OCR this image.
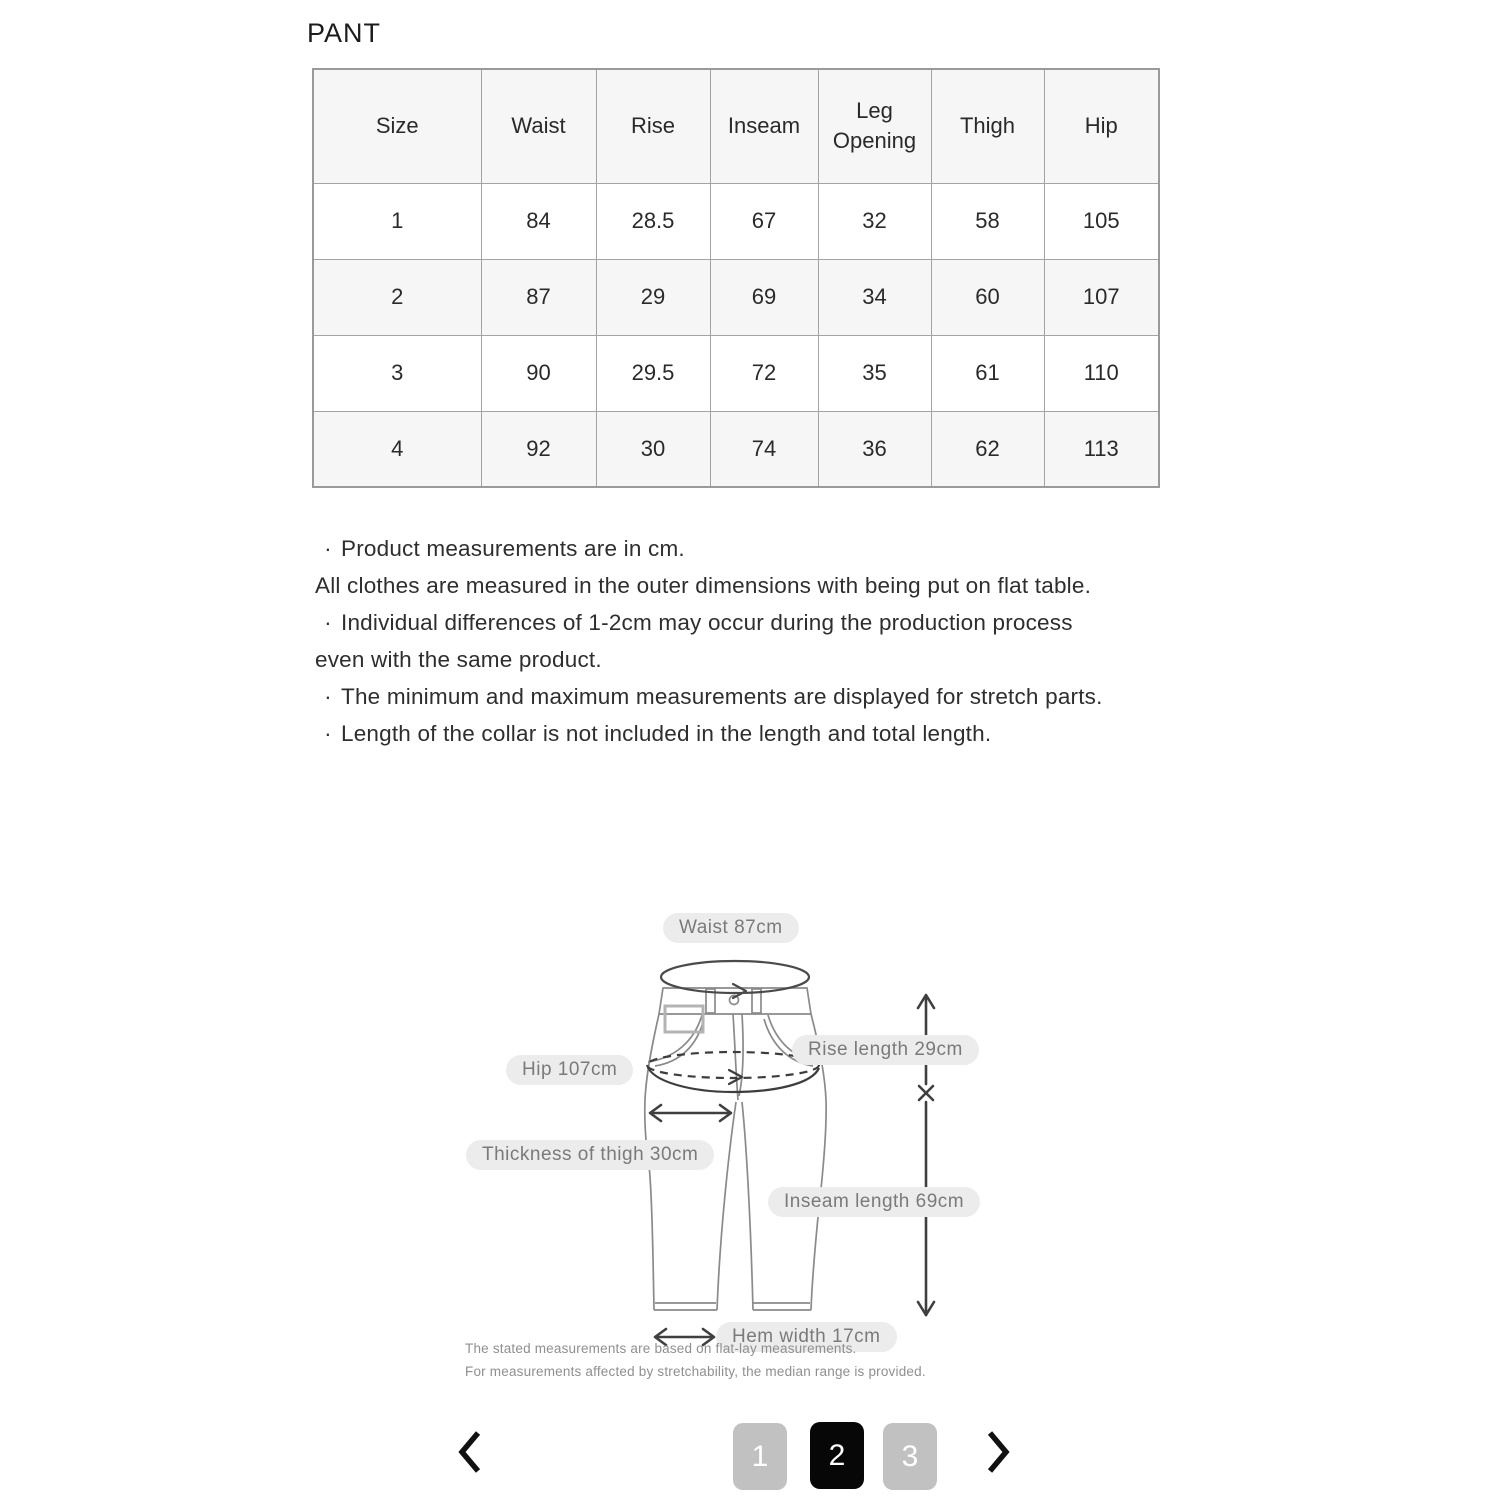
PANT
Size	Waist	Rise	Inseam	Leg Opening	Thigh	Hip
1	84	28.5	67	32	58	105
2	87	29	69	34	60	107
3	90	29.5	72	35	61	110
4	92	30	74	36	62	113

· Product measurements are in cm.

All clothes are measured in the outer dimensions with being put on flat table.

· Individual differences of 1-2cm may occur during the production process even with the same product.

· The minimum and maximum measurements are displayed for stretch parts.

· Length of the collar is not included in the length and total length.

Waist 87cm
Rise length 29cm
Hip 107cm
Thickness of thigh 30cm
Inseam length 69cm
Hem width 17cm
The stated measurements are based on flat-lay measurements.
For measurements affected by stretchability, the median range is provided.
1	2	3
